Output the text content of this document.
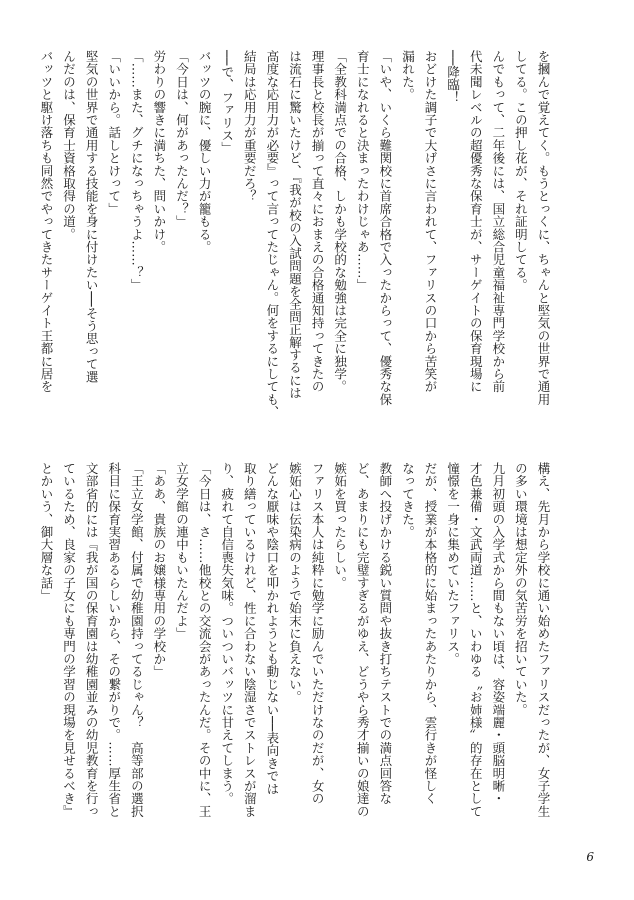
を摑んで覚えてく。もうとっくに、ちゃんと堅気の世界で通用
してる。この押し花が、それ証明してる。
んでもって、二年後には、国立総合児童福祉専門学校から前
代未聞レベルの超優秀な保育士が、サーゲイトの保育現場に
──降臨！
おどけた調子で大げさに言われて、ファリスの口から苦笑が
漏れた。
「いや、いくら難関校に首席合格で入ったからって、優秀な保
育士になれると決まったわけじゃあ……」
「全教科満点での合格、しかも学校的な勉強は完全に独学。
理事長と校長が揃って直々におまえの合格通知持ってきたの
は流石に驚いたけど、『我が校の入試問題を全問正解するには
高度な応用力が必要』って言ってたじゃん。何をするにしても、
結局は応用力が重要だろ？
──で、ファリス」
バッツの腕に、優しい力が籠もる。
「今日は、何があったんだ？」
労わりの響きに満ちた、問いかけ。
「……また、グチになっちゃうよ……？」
「いいから。話しとけって」
堅気の世界で通用する技能を身に付けたい──そう思って選
んだのは、保育士資格取得の道。
バッツと駆け落ちも同然でやってきたサーゲイト王都に居を
構え、先月から学校に通い始めたファリスだったが、女子学生
の多い環境は想定外の気苦労を招いていた。
九月初頭の入学式から間もない頃は、容姿端麗・頭脳明晰・
才色兼備・文武両道……と、いわゆる〝お姉様〟的存在として
憧憬を一身に集めていたファリス。
だが、授業が本格的に始まったあたりから、雲行きが怪しく
なってきた。
教師へ投げかける鋭い質問や抜き打ちテストでの満点回答な
ど、あまりにも完璧すぎるがゆえ、どうやら秀才揃いの娘達の
嫉妬を買ったらしい。
ファリス本人は純粋に勉学に励んでいただけなのだが、女の
嫉妬心は伝染病のようで始末に負えない。
どんな厭味や陰口を叩かれようとも動じない──表向きでは
取り繕っているけれど、性に合わない陰湿さでストレスが溜ま
り、疲れて自信喪失気味。ついついバッツに甘えてしまう。
「今日は、さ……他校との交流会があったんだ。その中に、王
立女学館の連中もいたんだよ」
「ああ、貴族のお嬢様専用の学校か」
「王立女学館、付属で幼稚園持ってるじゃん？　高等部の選択
科目に保育実習あるらしいから、その繋がりで。……厚生省と
文部省的には『我が国の保育園は幼稚園並みの幼児教育を行っ
ているため、良家の子女にも専門の学習の現場を見せるべき』
とかいう、御大層な話」
6
